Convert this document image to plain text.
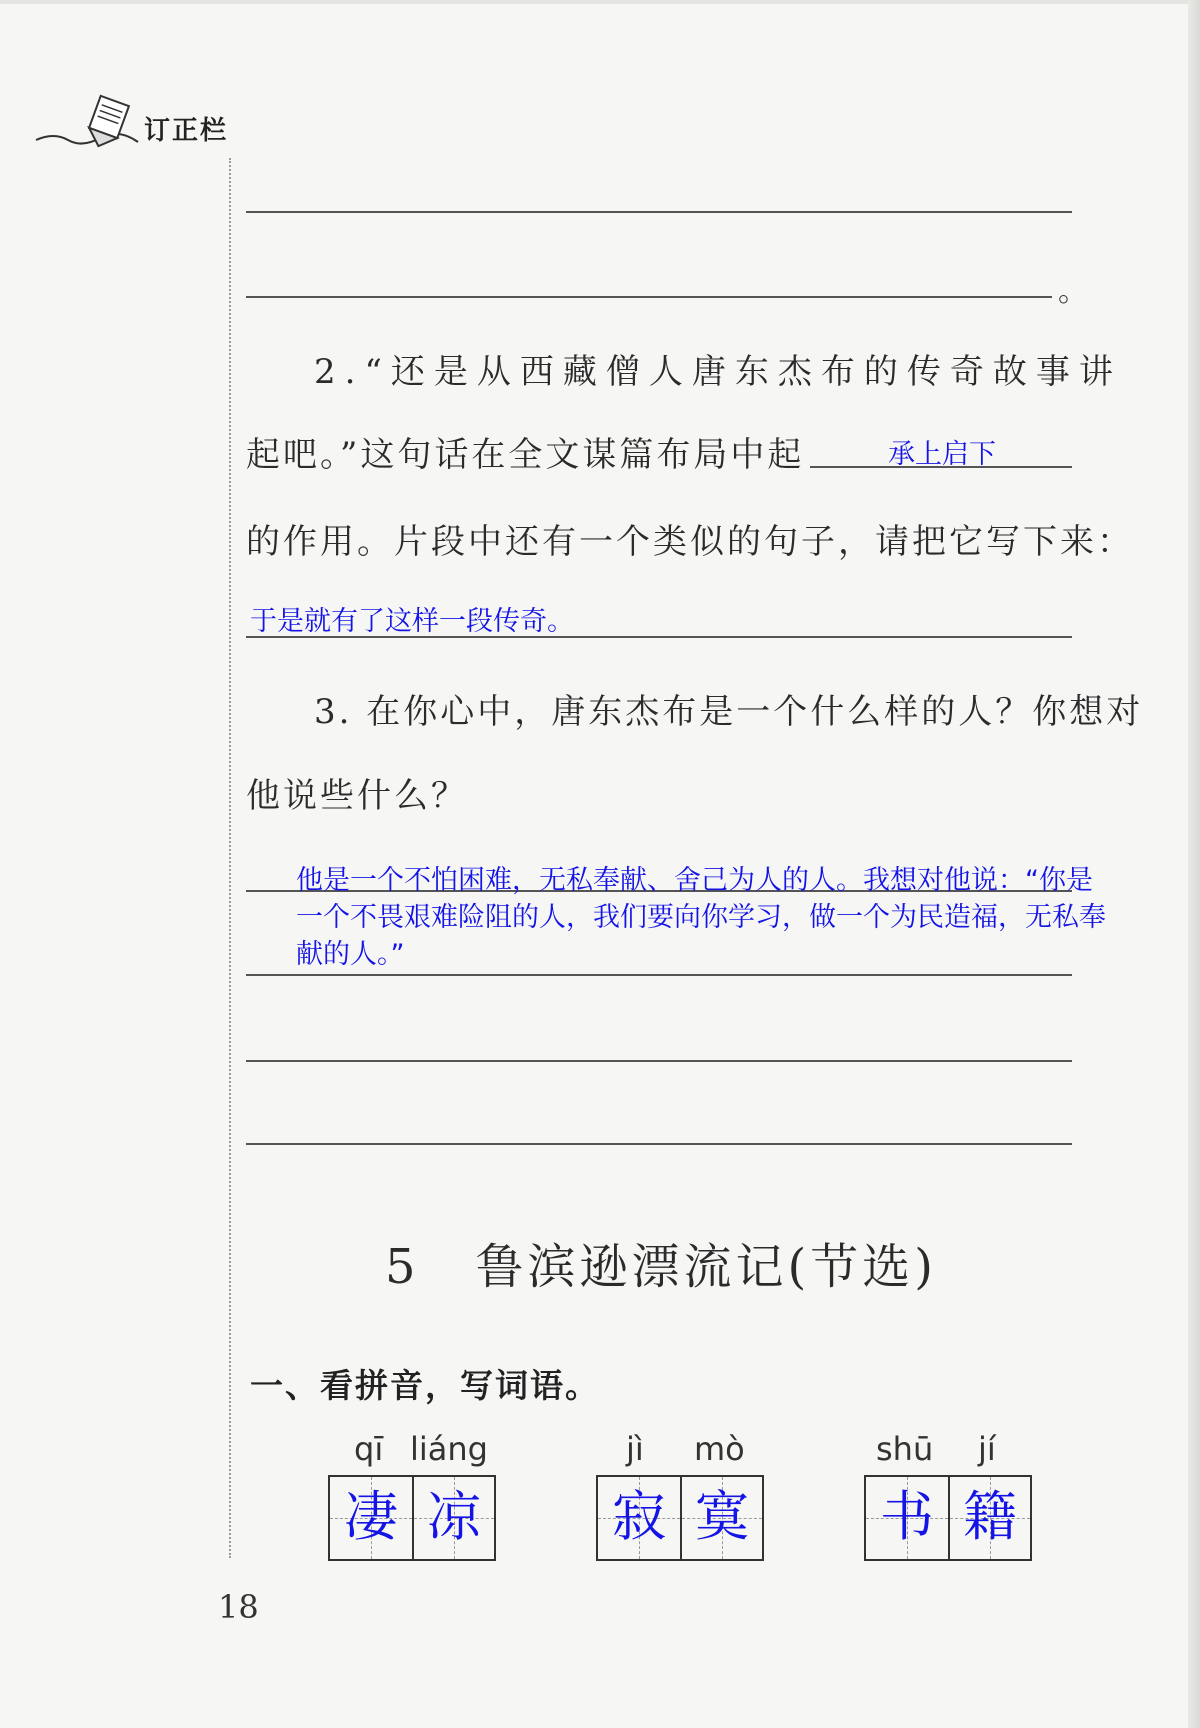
订正栏
。
2.“还是从西藏僧人唐东杰布的传奇故事讲
起吧。”这句话在全文谋篇布局中起	承上启下
的作用。片段中还有一个类似的句子，请把它写下来：
于是就有了这样一段传奇。
3. 在你心中，唐东杰布是一个什么样的人？你想对
他说些什么？
他是一个不怕困难，无私奉献、舍己为人的人。我想对他说：“你是一个不畏艰难险阻的人，我们要向你学习，做一个为民造福，无私奉献的人。”
5 鲁滨逊漂流记(节选)
一、看拼音，写词语。
qī liáng
凄 凉
jì mò
寂 寞
shū jí
书 籍
18
